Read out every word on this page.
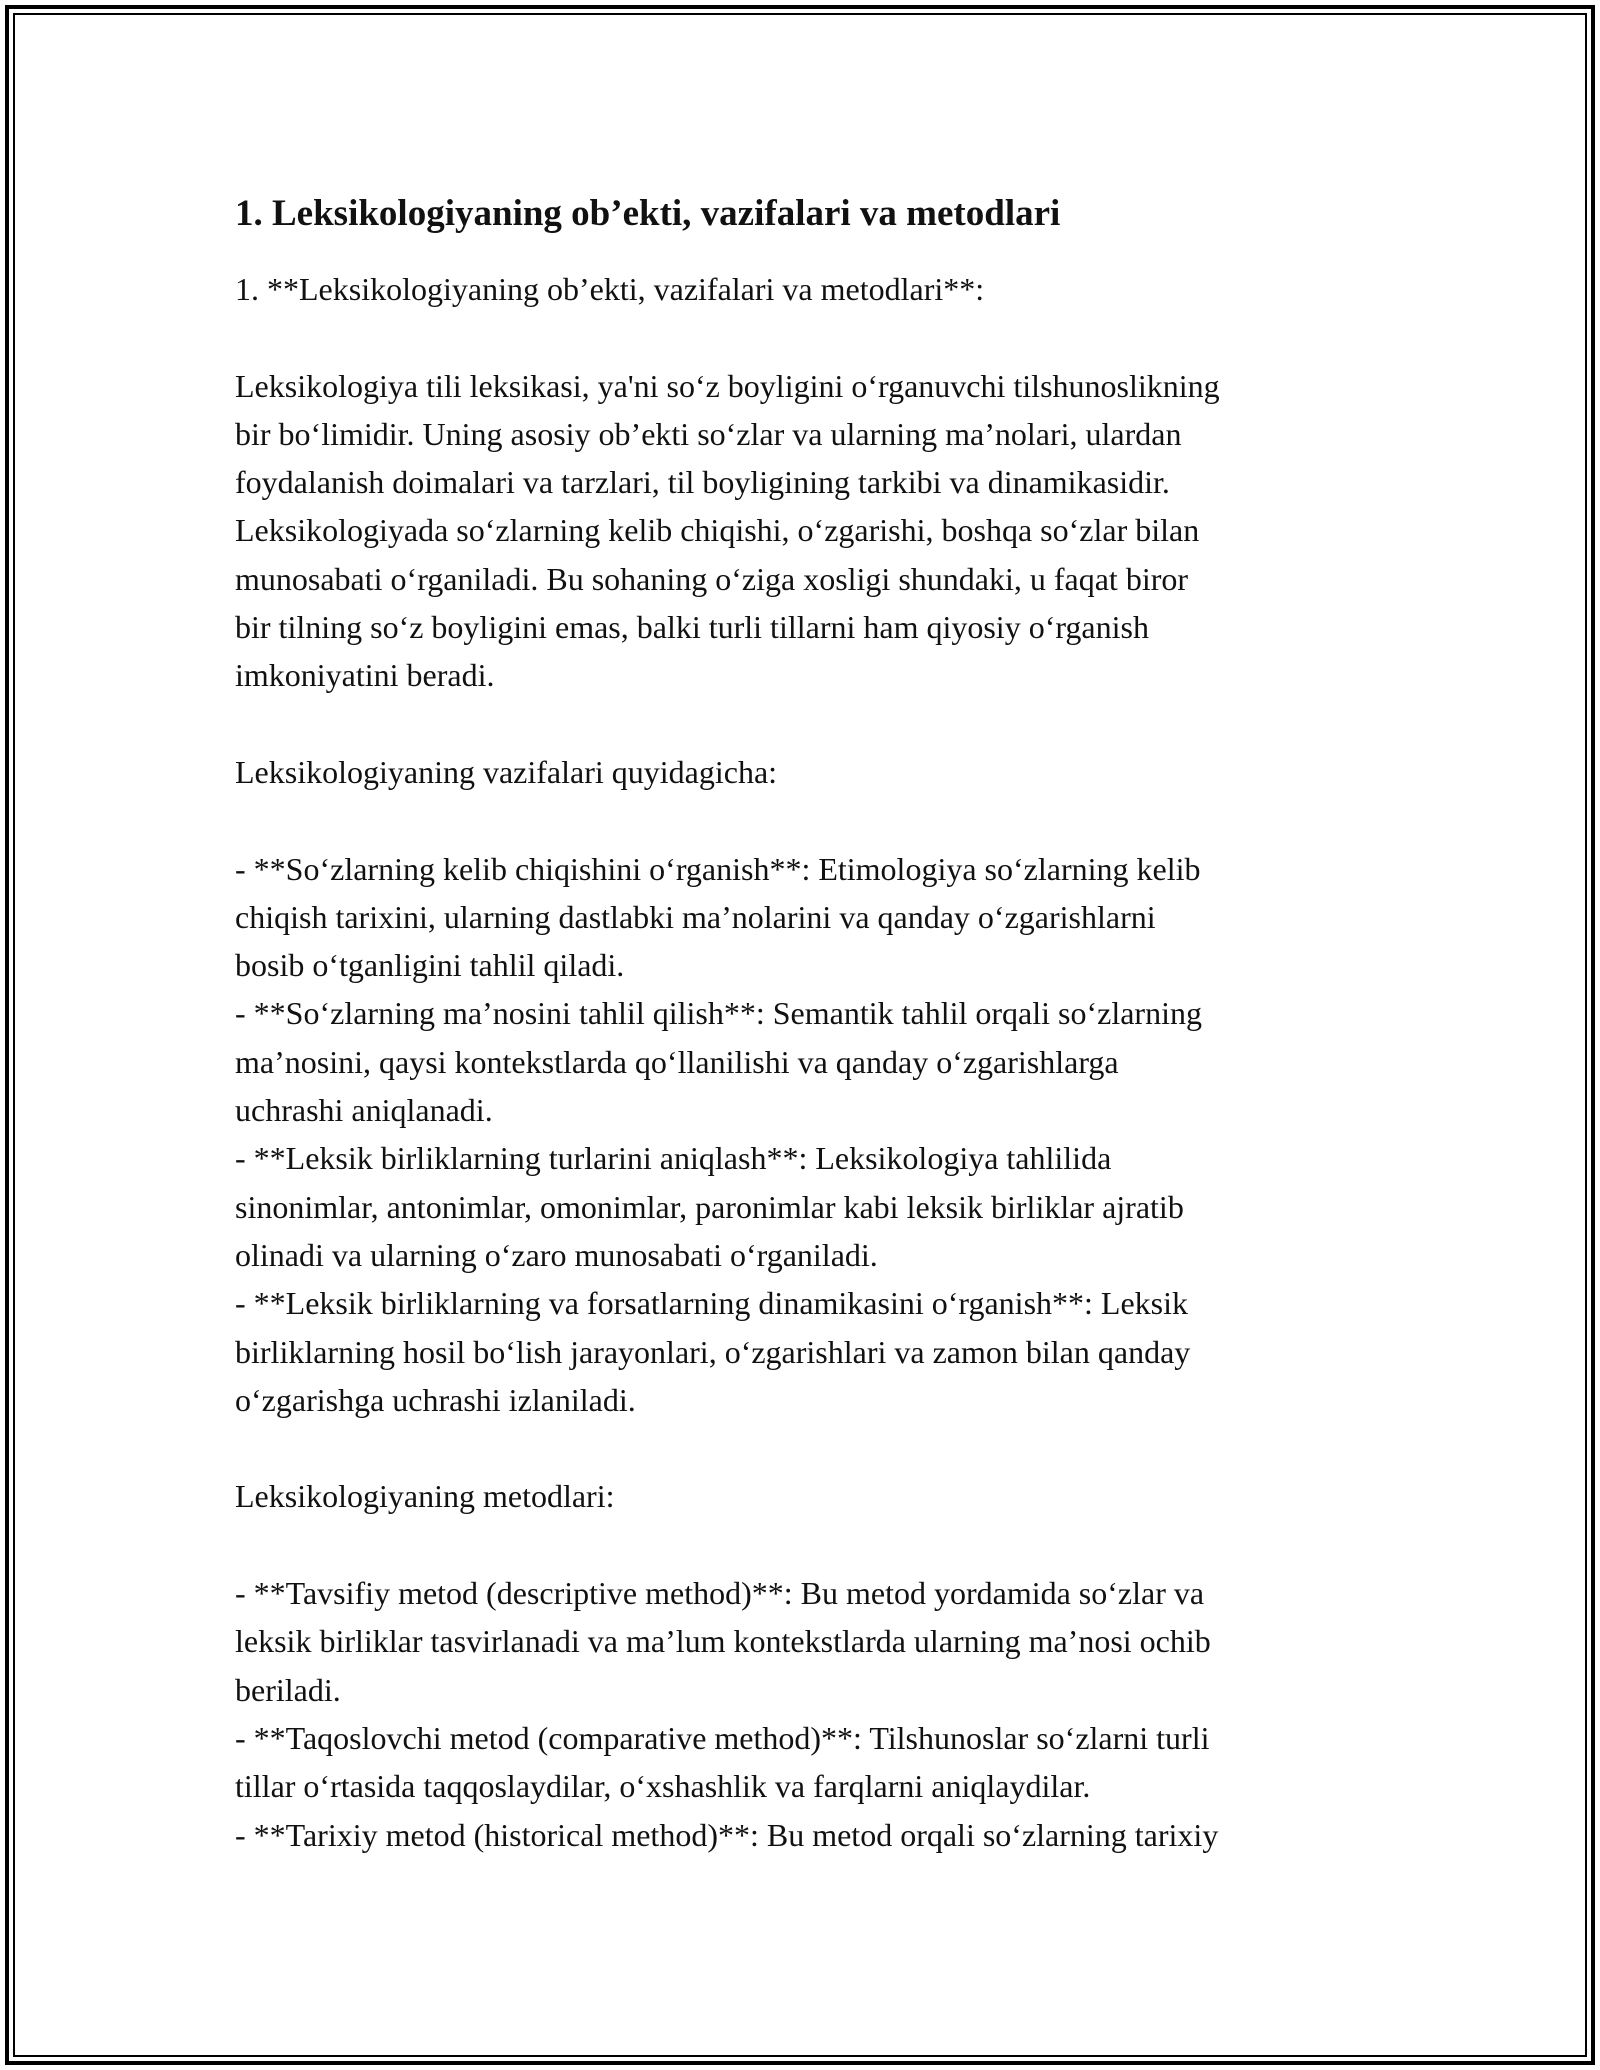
1. Leksikologiyaning ob’ekti, vazifalari va metodlari

1. **Leksikologiyaning ob’ekti, vazifalari va metodlari**:

Leksikologiya tili leksikasi, ya'ni so‘z boyligini o‘rganuvchi tilshunoslikning
bir bo‘limidir. Uning asosiy ob’ekti so‘zlar va ularning ma’nolari, ulardan
foydalanish doimalari va tarzlari, til boyligining tarkibi va dinamikasidir.
Leksikologiyada so‘zlarning kelib chiqishi, o‘zgarishi, boshqa so‘zlar bilan
munosabati o‘rganiladi. Bu sohaning o‘ziga xosligi shundaki, u faqat biror
bir tilning so‘z boyligini emas, balki turli tillarni ham qiyosiy o‘rganish
imkoniyatini beradi.

Leksikologiyaning vazifalari quyidagicha:

- **So‘zlarning kelib chiqishini o‘rganish**: Etimologiya so‘zlarning kelib
chiqish tarixini, ularning dastlabki ma’nolarini va qanday o‘zgarishlarni
bosib o‘tganligini tahlil qiladi.

- **So‘zlarning ma’nosini tahlil qilish**: Semantik tahlil orqali so‘zlarning
ma’nosini, qaysi kontekstlarda qo‘llanilishi va qanday o‘zgarishlarga
uchrashi aniqlanadi.

- **Leksik birliklarning turlarini aniqlash**: Leksikologiya tahlilida
sinonimlar, antonimlar, omonimlar, paronimlar kabi leksik birliklar ajratib
olinadi va ularning o‘zaro munosabati o‘rganiladi.

- **Leksik birliklarning va forsatlarning dinamikasini o‘rganish**: Leksik
birliklarning hosil bo‘lish jarayonlari, o‘zgarishlari va zamon bilan qanday
o‘zgarishga uchrashi izlaniladi.

Leksikologiyaning metodlari:

- **Tavsifiy metod (descriptive method)**: Bu metod yordamida so‘zlar va
leksik birliklar tasvirlanadi va ma’lum kontekstlarda ularning ma’nosi ochib
beriladi.

- **Taqoslovchi metod (comparative method)**: Tilshunoslar so‘zlarni turli
tillar o‘rtasida taqqoslaydilar, o‘xshashlik va farqlarni aniqlaydilar.

- **Tarixiy metod (historical method)**: Bu metod orqali so‘zlarning tarixiy
